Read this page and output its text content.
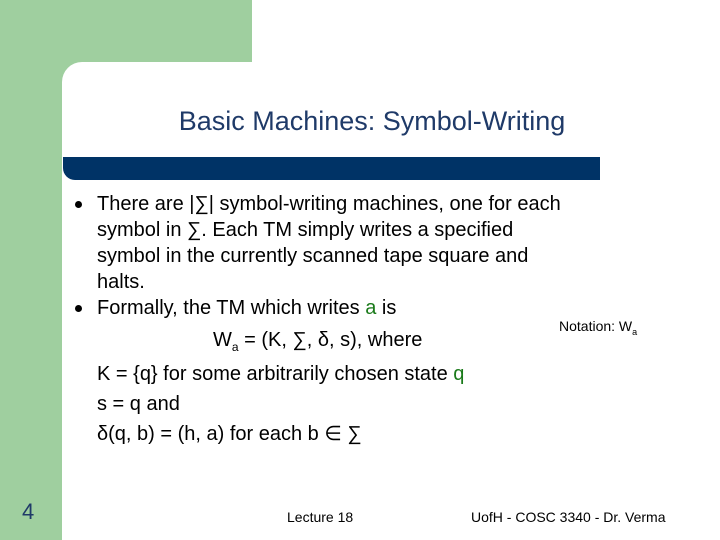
Basic Machines: Symbol-Writing
There are |∑| symbol-writing machines, one for each
symbol in ∑. Each TM simply writes a specified
symbol in the currently scanned tape square and
halts.
Formally, the TM which writes a is
$W_a = (K$, ∑, δ, s), where
K = {q} for some arbitrarily chosen state q
s = q and
δ(q, b) = (h, a) for each b ∈ ∑
Notation: $W_a$
4	Lecture 18	UofH - COSC 3340 - Dr. Verma
